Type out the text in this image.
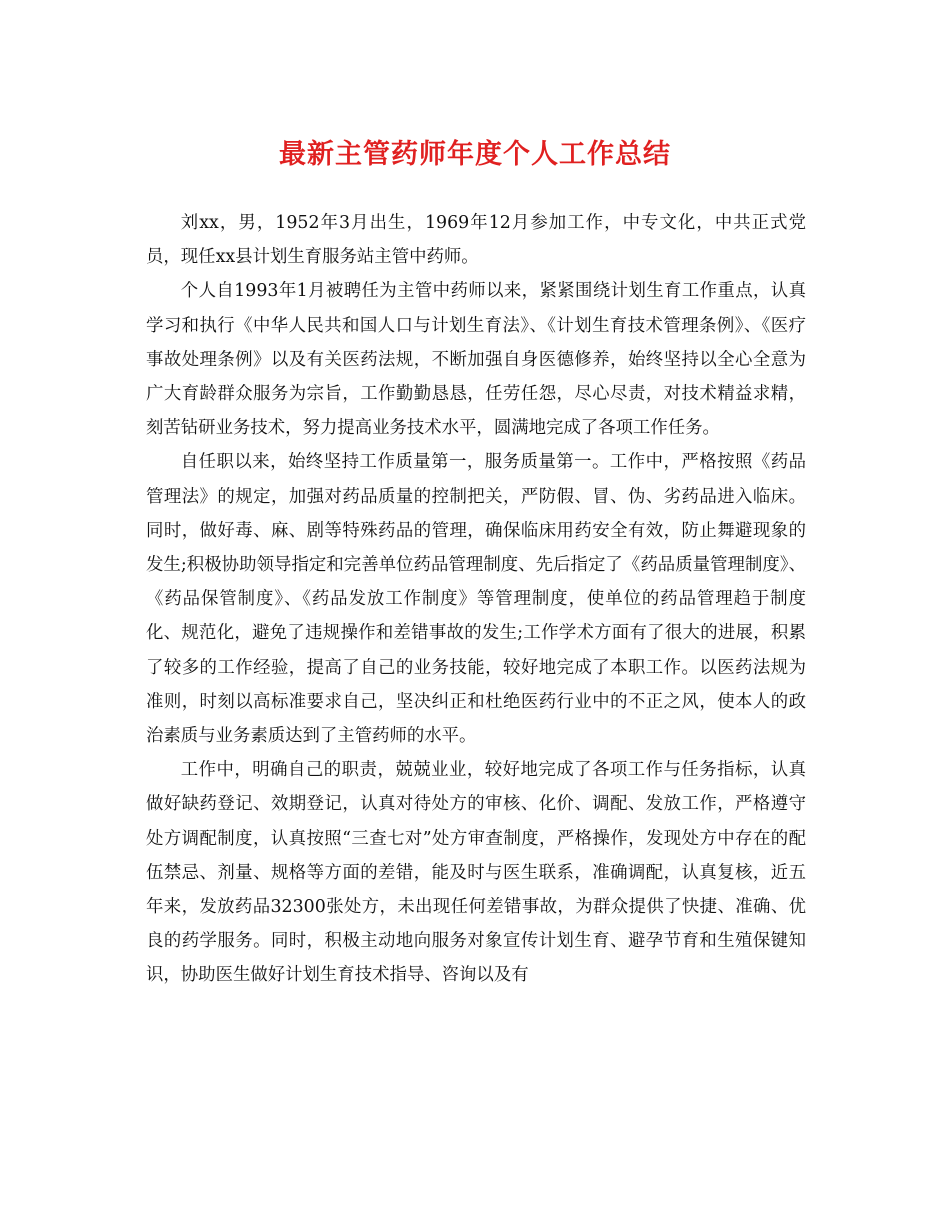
最新主管药师年度个人工作总结

刘xx，男，1952年3月出生，1969年12月参加工作，中专文化，中共正式党员，现任xx县计划生育服务站主管中药师。

个人自1993年1月被聘任为主管中药师以来，紧紧围绕计划生育工作重点，认真学习和执行《中华人民共和国人口与计划生育法》、《计划生育技术管理条例》、《医疗事故处理条例》以及有关医药法规，不断加强自身医德修养，始终坚持以全心全意为广大育龄群众服务为宗旨，工作勤勤恳恳，任劳任怨，尽心尽责，对技术精益求精，刻苦钻研业务技术，努力提高业务技术水平，圆满地完成了各项工作任务。

自任职以来，始终坚持工作质量第一，服务质量第一。工作中，严格按照《药品管理法》的规定，加强对药品质量的控制把关，严防假、冒、伪、劣药品进入临床。同时，做好毒、麻、剧等特殊药品的管理，确保临床用药安全有效，防止舞避现象的发生;积极协助领导指定和完善单位药品管理制度、先后指定了《药品质量管理制度》、《药品保管制度》、《药品发放工作制度》等管理制度，使单位的药品管理趋于制度化、规范化，避免了违规操作和差错事故的发生;工作学术方面有了很大的进展，积累了较多的工作经验，提高了自己的业务技能，较好地完成了本职工作。以医药法规为准则，时刻以高标准要求自己，坚决纠正和杜绝医药行业中的不正之风，使本人的政治素质与业务素质达到了主管药师的水平。

工作中，明确自己的职责，兢兢业业，较好地完成了各项工作与任务指标，认真做好缺药登记、效期登记，认真对待处方的审核、化价、调配、发放工作，严格遵守处方调配制度，认真按照“三查七对”处方审查制度，严格操作，发现处方中存在的配伍禁忌、剂量、规格等方面的差错，能及时与医生联系，准确调配，认真复核，近五年来，发放药品32300张处方，未出现任何差错事故，为群众提供了快捷、准确、优良的药学服务。同时，积极主动地向服务对象宣传计划生育、避孕节育和生殖保键知识，协助医生做好计划生育技术指导、咨询以及有
